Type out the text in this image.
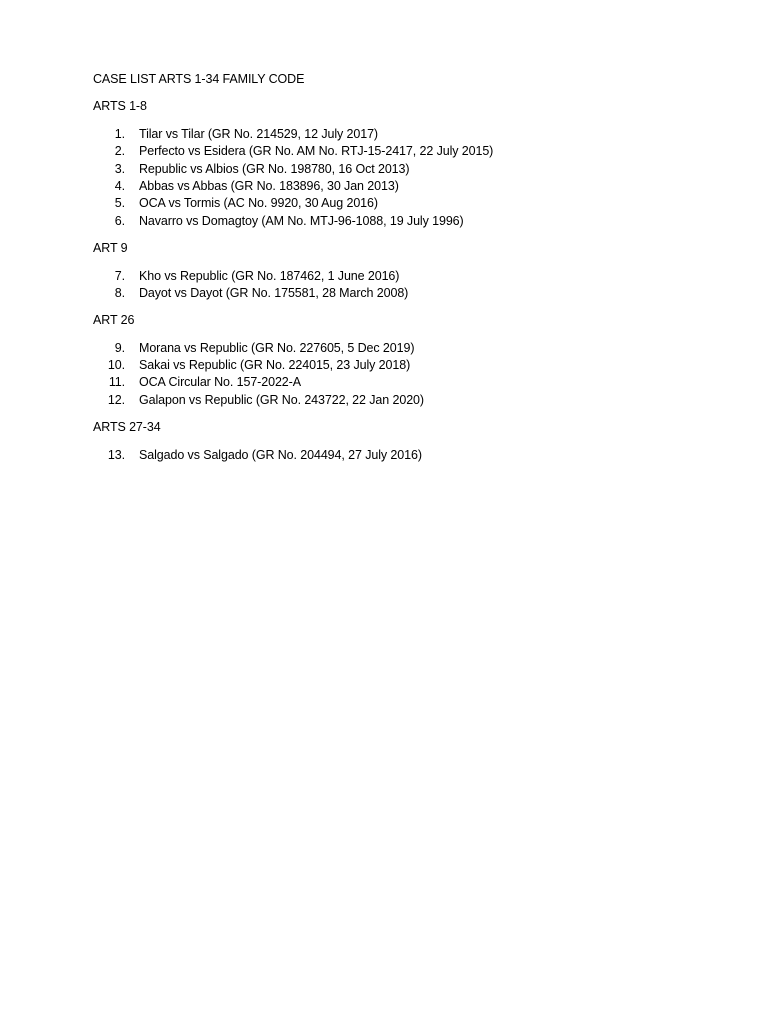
CASE LIST ARTS 1-34 FAMILY CODE
ARTS 1-8
1. Tilar vs Tilar (GR No. 214529, 12 July 2017)
2. Perfecto vs Esidera (GR No. AM No. RTJ-15-2417, 22 July 2015)
3. Republic vs Albios (GR No. 198780, 16 Oct 2013)
4. Abbas vs Abbas (GR No. 183896, 30 Jan 2013)
5. OCA vs Tormis (AC No. 9920, 30 Aug 2016)
6. Navarro vs Domagtoy (AM No. MTJ-96-1088, 19 July 1996)
ART 9
7. Kho vs Republic (GR No. 187462, 1 June 2016)
8. Dayot vs Dayot (GR No. 175581, 28 March 2008)
ART 26
9. Morana vs Republic (GR No. 227605, 5 Dec 2019)
10. Sakai vs Republic (GR No. 224015, 23 July 2018)
11. OCA Circular No. 157-2022-A
12. Galapon vs Republic (GR No. 243722, 22 Jan 2020)
ARTS 27-34
13. Salgado vs Salgado (GR No. 204494, 27 July 2016)
